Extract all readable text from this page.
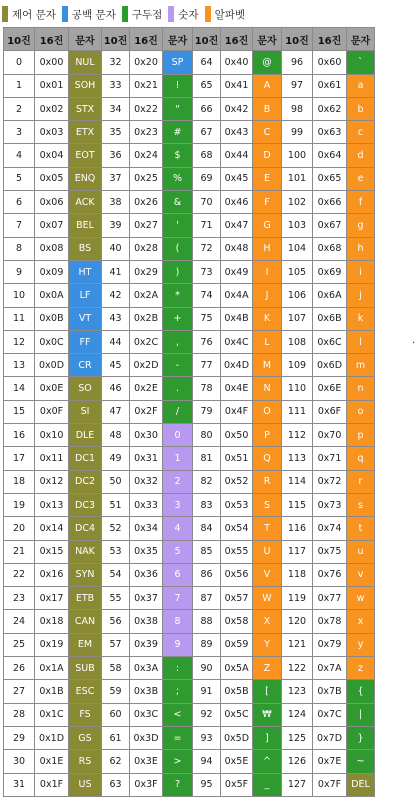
제어 문자 공백 문자 구두점 숫자 알파벳
10진	16진	문자	10진	16진	문자	10진	16진	문자	10진	16진	문자
0	0x00	NUL	32	0x20	SP	64	0x40	@	96	0x60	`
1	0x01	SOH	33	0x21	!	65	0x41	A	97	0x61	a
2	0x02	STX	34	0x22	"	66	0x42	B	98	0x62	b
3	0x03	ETX	35	0x23	#	67	0x43	C	99	0x63	c
4	0x04	EOT	36	0x24	$	68	0x44	D	100	0x64	d
5	0x05	ENQ	37	0x25	%	69	0x45	E	101	0x65	e
6	0x06	ACK	38	0x26	&	70	0x46	F	102	0x66	f
7	0x07	BEL	39	0x27	'	71	0x47	G	103	0x67	g
8	0x08	BS	40	0x28	(	72	0x48	H	104	0x68	h
9	0x09	HT	41	0x29	)	73	0x49	I	105	0x69	i
10	0x0A	LF	42	0x2A	*	74	0x4A	J	106	0x6A	j
11	0x0B	VT	43	0x2B	+	75	0x4B	K	107	0x6B	k
12	0x0C	FF	44	0x2C	,	76	0x4C	L	108	0x6C	l
13	0x0D	CR	45	0x2D	-	77	0x4D	M	109	0x6D	m
14	0x0E	SO	46	0x2E	.	78	0x4E	N	110	0x6E	n
15	0x0F	SI	47	0x2F	/	79	0x4F	O	111	0x6F	o
16	0x10	DLE	48	0x30	0	80	0x50	P	112	0x70	p
17	0x11	DC1	49	0x31	1	81	0x51	Q	113	0x71	q
18	0x12	DC2	50	0x32	2	82	0x52	R	114	0x72	r
19	0x13	DC3	51	0x33	3	83	0x53	S	115	0x73	s
20	0x14	DC4	52	0x34	4	84	0x54	T	116	0x74	t
21	0x15	NAK	53	0x35	5	85	0x55	U	117	0x75	u
22	0x16	SYN	54	0x36	6	86	0x56	V	118	0x76	v
23	0x17	ETB	55	0x37	7	87	0x57	W	119	0x77	w
24	0x18	CAN	56	0x38	8	88	0x58	X	120	0x78	x
25	0x19	EM	57	0x39	9	89	0x59	Y	121	0x79	y
26	0x1A	SUB	58	0x3A	:	90	0x5A	Z	122	0x7A	z
27	0x1B	ESC	59	0x3B	;	91	0x5B	[	123	0x7B	{
28	0x1C	FS	60	0x3C	<	92	0x5C	₩	124	0x7C	|
29	0x1D	GS	61	0x3D	=	93	0x5D	]	125	0x7D	}
30	0x1E	RS	62	0x3E	>	94	0x5E	^	126	0x7E	~
31	0x1F	US	63	0x3F	?	95	0x5F	_	127	0x7F	DEL
·
